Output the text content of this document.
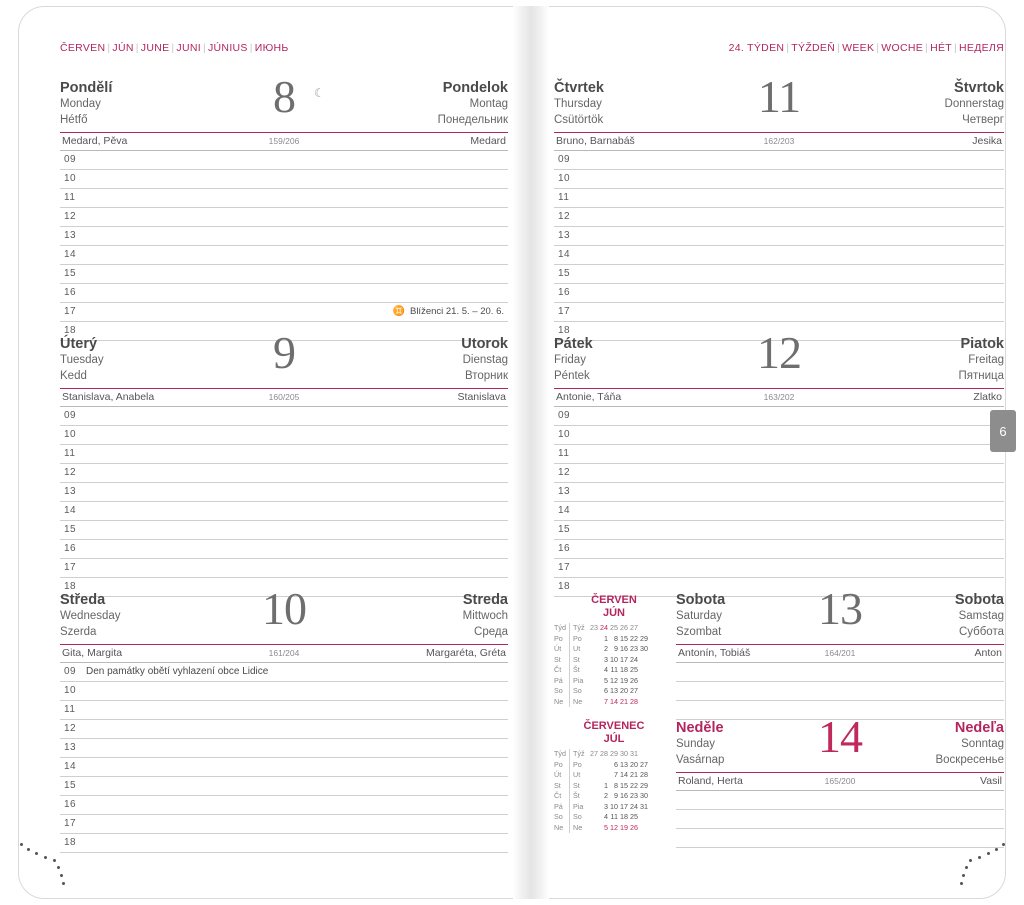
ČERVEN | JÚN | JUNE | JUNI | JÚNIUS | ИЮНЬ
Pondělí
Monday
Hétfő	8 ☾	Pondelok
Montag
Понедельник
Medard, Pěva	159/206	Medard
09
10
11
12
13
14
15
16
17	♊ Blíženci 21. 5. – 20. 6.
18
Úterý
Tuesday
Kedd	9	Utorok
Dienstag
Вторник
Stanislava, Anabela	160/205	Stanislava
09
10
11
12
13
14
15
16
17
18
Středa
Wednesday
Szerda	10	Streda
Mittwoch
Среда
Gita, Margita	161/204	Margaréta, Gréta
09 Den památky obětí vyhlazení obce Lidice
10
11
12
13
14
15
16
17
18
24. TÝDEN | TÝŽDEŇ | WEEK | WOCHE | HÉT | НЕДЕЛЯ
Čtvrtek
Thursday
Csütörtök	11	Štvrtok
Donnerstag
Четверг
Bruno, Barnabáš	162/203	Jesika
09
10
11
12
13
14
15
16
17
18
Pátek
Friday
Péntek	12	Piatok
Freitag
Пятница
Antonie, Táňa	163/202	Zlatko
09
10
11
12
13
14
15
16
17
18
Sobota
Saturday
Szombat 13	Sobota
Samstag
Суббота
Antonín, Tobiáš	164/201	Anton
Neděle
Sunday
Vasárnap 14	Nedeľa
Sonntag
Воскресенье
Roland, Herta	165/200	Vasil
ČERVEN
JÚN
Týd	Týž	23	24	25	26	27	
Po	Po		1	8	15	22	29
Út	Ut		2	9	16	23	30
St	St		3	10	17	24	
Čt	Št		4	11	18	25	
Pá	Pia		5	12	19	26	
So	So		6	13	20	27	
Ne	Ne		7	14	21	28	
ČERVENEC
JÚL
Týd	Týž	27	28	29	30	31	
Po	Po			6	13	20	27
Út	Ut			7	14	21	28
St	St		1	8	15	22	29
Čt	Št		2	9	16	23	30
Pá	Pia		3	10	17	24	31
So	So		4	11	18	25	
Ne	Ne		5	12	19	26	
6
